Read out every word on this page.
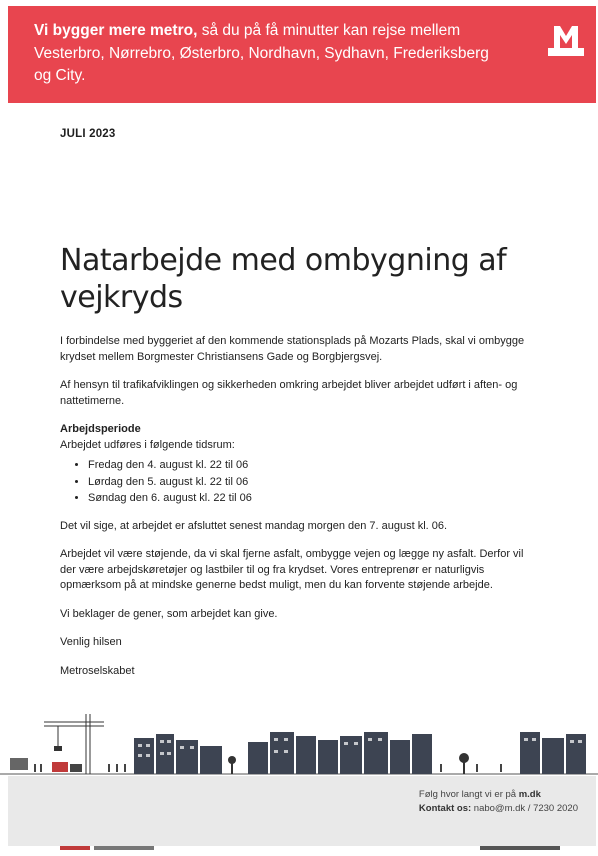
Vi bygger mere metro, så du på få minutter kan rejse mellem Vesterbro, Nørrebro, Østerbro, Nordhavn, Sydhavn, Frederiksberg og City.
JULI 2023
Natarbejde med ombygning af vejkryds

I forbindelse med byggeriet af den kommende stationsplads på Mozarts Plads, skal vi ombygge krydset mellem Borgmester Christiansens Gade og Borgbjergsvej.

Af hensyn til trafikafviklingen og sikkerheden omkring arbejdet bliver arbejdet udført i aften- og nattetimerne.

Arbejdsperiode
Arbejdet udføres i følgende tidsrum:
• Fredag den 4. august kl. 22 til 06
• Lørdag den 5. august kl. 22 til 06
• Søndag den 6. august kl. 22 til 06

Det vil sige, at arbejdet er afsluttet senest mandag morgen den 7. august kl. 06.

Arbejdet vil være støjende, da vi skal fjerne asfalt, ombygge vejen og lægge ny asfalt. Derfor vil der være arbejdskøretøjer og lastbiler til og fra krydset. Vores entreprenør er naturligvis opmærksom på at mindske generne bedst muligt, men du kan forvente støjende arbejde.

Vi beklager de gener, som arbejdet kan give.

Venlig hilsen

Metroselskabet

Følg hvor langt vi er på m.dk
Kontakt os: nabo@m.dk / 7230 2020
